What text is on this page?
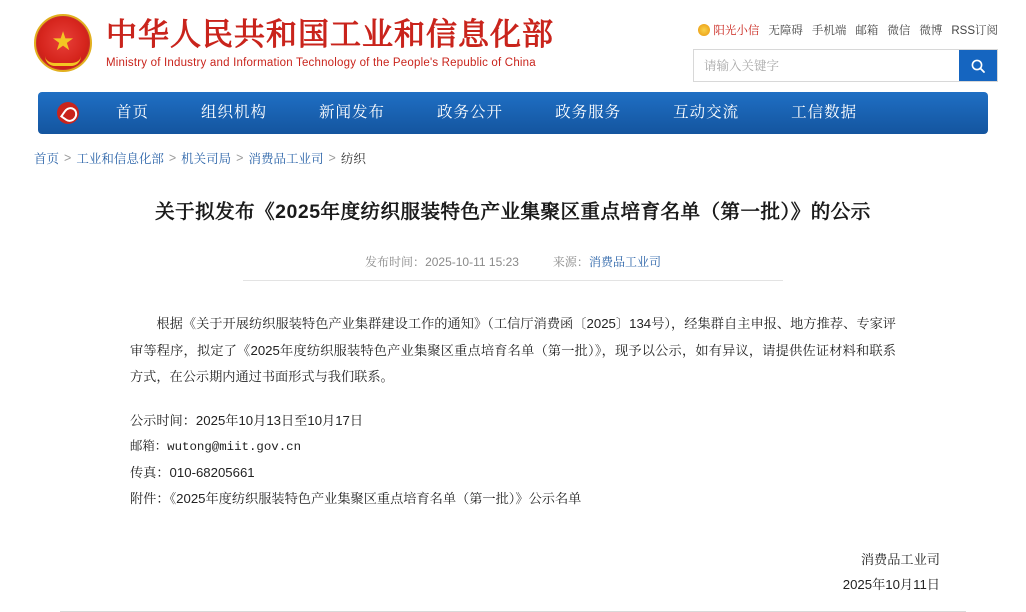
★ 中华人民共和国工业和信息化部
Ministry of Industry and Information Technology of the People's Republic of China
阳光小信 无障碍 手机端 邮箱 微信 微博 RSS订阅
请输入关键字
首页	组织机构	新闻发布	政务公开	政务服务	互动交流	工信数据
首页 > 工业和信息化部 > 机关司局 > 消费品工业司 > 纺织
关于拟发布《2025年度纺织服装特色产业集聚区重点培育名单（第一批）》的公示
发布时间：2025-10-11 15:23	来源：消费品工业司

根据《关于开展纺织服装特色产业集群建设工作的通知》（工信厅消费函〔2025〕134号），经集群自主申报、地方推荐、专家评审等程序，拟定了《2025年度纺织服装特色产业集聚区重点培育名单（第一批）》，现予以公示，如有异议，请提供佐证材料和联系方式，在公示期内通过书面形式与我们联系。

公示时间：2025年10月13日至10月17日

邮箱：wutong@miit.gov.cn

传真：010-68205661

附件：《2025年度纺织服装特色产业集聚区重点培育名单（第一批）》公示名单

消费品工业司
2025年10月11日
